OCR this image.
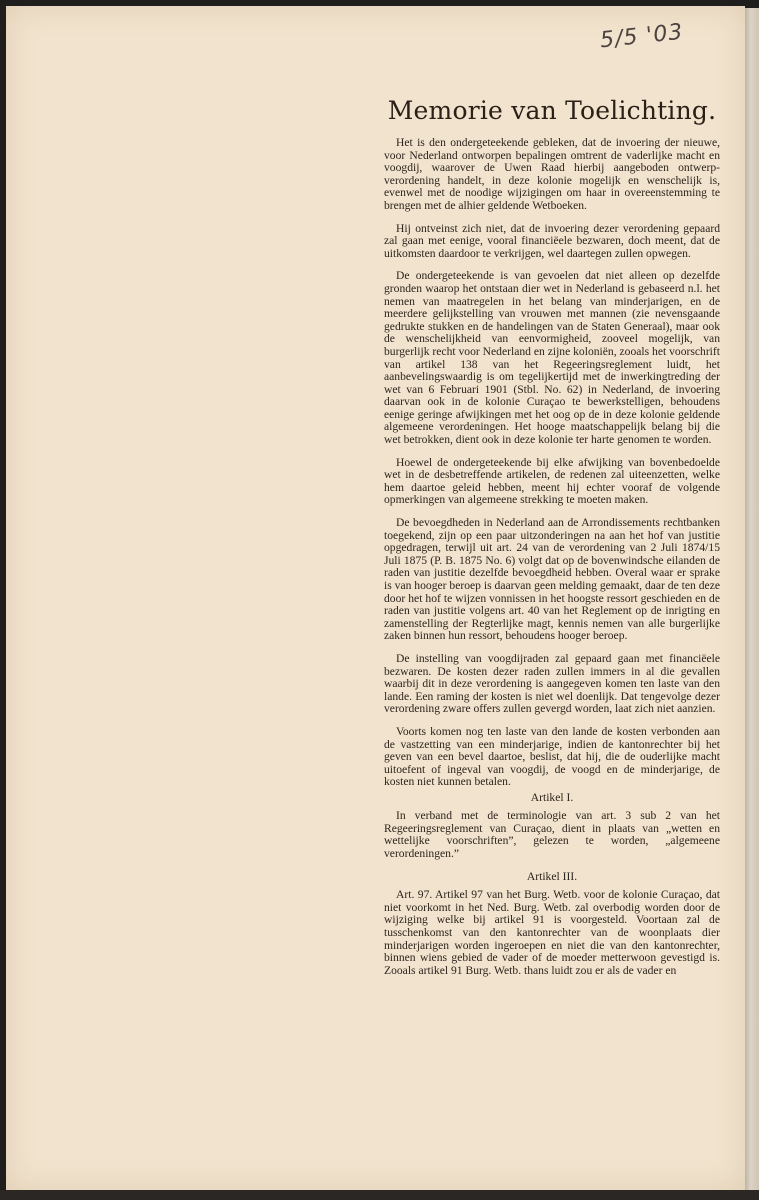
5/5 '03
Memorie van Toelichting.

Het is den ondergeteekende gebleken, dat de invoering der nieuwe, voor Nederland ontworpen bepalingen omtrent de vaderlijke macht en voogdij, waarover de Uwen Raad hierbij aangeboden ontwerp-verordening handelt, in deze kolonie mogelijk en wenschelijk is, evenwel met de noodige wijzigingen om haar in overeenstemming te brengen met de alhier geldende Wetboeken.

Hij ontveinst zich niet, dat de invoering dezer verordening gepaard zal gaan met eenige, vooral financiëele bezwaren, doch meent, dat de uitkomsten daardoor te verkrijgen, wel daartegen zullen opwegen.

De ondergeteekende is van gevoelen dat niet alleen op dezelfde gronden waarop het ontstaan dier wet in Nederland is gebaseerd n.l. het nemen van maatregelen in het belang van minderjarigen, en de meerdere gelijkstelling van vrouwen met mannen (zie nevensgaande gedrukte stukken en de handelingen van de Staten Generaal), maar ook de wenschelijkheid van eenvormigheid, zooveel mogelijk, van burgerlijk recht voor Nederland en zijne koloniën, zooals het voorschrift van artikel 138 van het Regeeringsreglement luidt, het aanbevelingswaardig is om tegelijkertijd met de inwerkingtreding der wet van 6 Februari 1901 (Stbl. No. 62) in Nederland, de invoering daarvan ook in de kolonie Curaçao te bewerkstelligen, behoudens eenige geringe afwijkingen met het oog op de in deze kolonie geldende algemeene verordeningen. Het hooge maatschappelijk belang bij die wet betrokken, dient ook in deze kolonie ter harte genomen te worden.

Hoewel de ondergeteekende bij elke afwijking van bovenbedoelde wet in de desbetreffende artikelen, de redenen zal uiteenzetten, welke hem daartoe geleid hebben, meent hij echter vooraf de volgende opmerkingen van algemeene strekking te moeten maken.

De bevoegdheden in Nederland aan de Arrondissements rechtbanken toegekend, zijn op een paar uitzonderingen na aan het hof van justitie opgedragen, terwijl uit art. 24 van de verordening van 2 Juli 1874/15 Juli 1875 (P. B. 1875 No. 6) volgt dat op de bovenwindsche eilanden de raden van justitie dezelfde bevoegdheid hebben. Overal waar er sprake is van hooger beroep is daarvan geen melding gemaakt, daar de ten deze door het hof te wijzen vonnissen in het hoogste ressort geschieden en de raden van justitie volgens art. 40 van het Reglement op de inrigting en zamenstelling der Regterlijke magt, kennis nemen van alle burgerlijke zaken binnen hun ressort, behoudens hooger beroep.

De instelling van voogdijraden zal gepaard gaan met financiëele bezwaren. De kosten dezer raden zullen immers in al die gevallen waarbij dit in deze verordening is aangegeven komen ten laste van den lande. Een raming der kosten is niet wel doenlijk. Dat tengevolge dezer verordening zware offers zullen gevergd worden, laat zich niet aanzien.

Voorts komen nog ten laste van den lande de kosten verbonden aan de vastzetting van een minderjarige, indien de kantonrechter bij het geven van een bevel daartoe, beslist, dat hij, die de ouderlijke macht uitoefent of ingeval van voogdij, de voogd en de minderjarige, de kosten niet kunnen betalen.

Artikel I.

In verband met de terminologie van art. 3 sub 2 van het Regeeringsreglement van Curaçao, dient in plaats van „wetten en wettelijke voorschriften”, gelezen te worden, „algemeene verordeningen.”

Artikel III.

Art. 97. Artikel 97 van het Burg. Wetb. voor de kolonie Curaçao, dat niet voorkomt in het Ned. Burg. Wetb. zal overbodig worden door de wijziging welke bij artikel 91 is voorgesteld. Voortaan zal de tusschenkomst van den kantonrechter van de woonplaats dier minderjarigen worden ingeroepen en niet die van den kantonrechter, binnen wiens gebied de vader of de moeder metterwoon gevestigd is. Zooals artikel 91 Burg. Wetb. thans luidt zou er als de vader en
